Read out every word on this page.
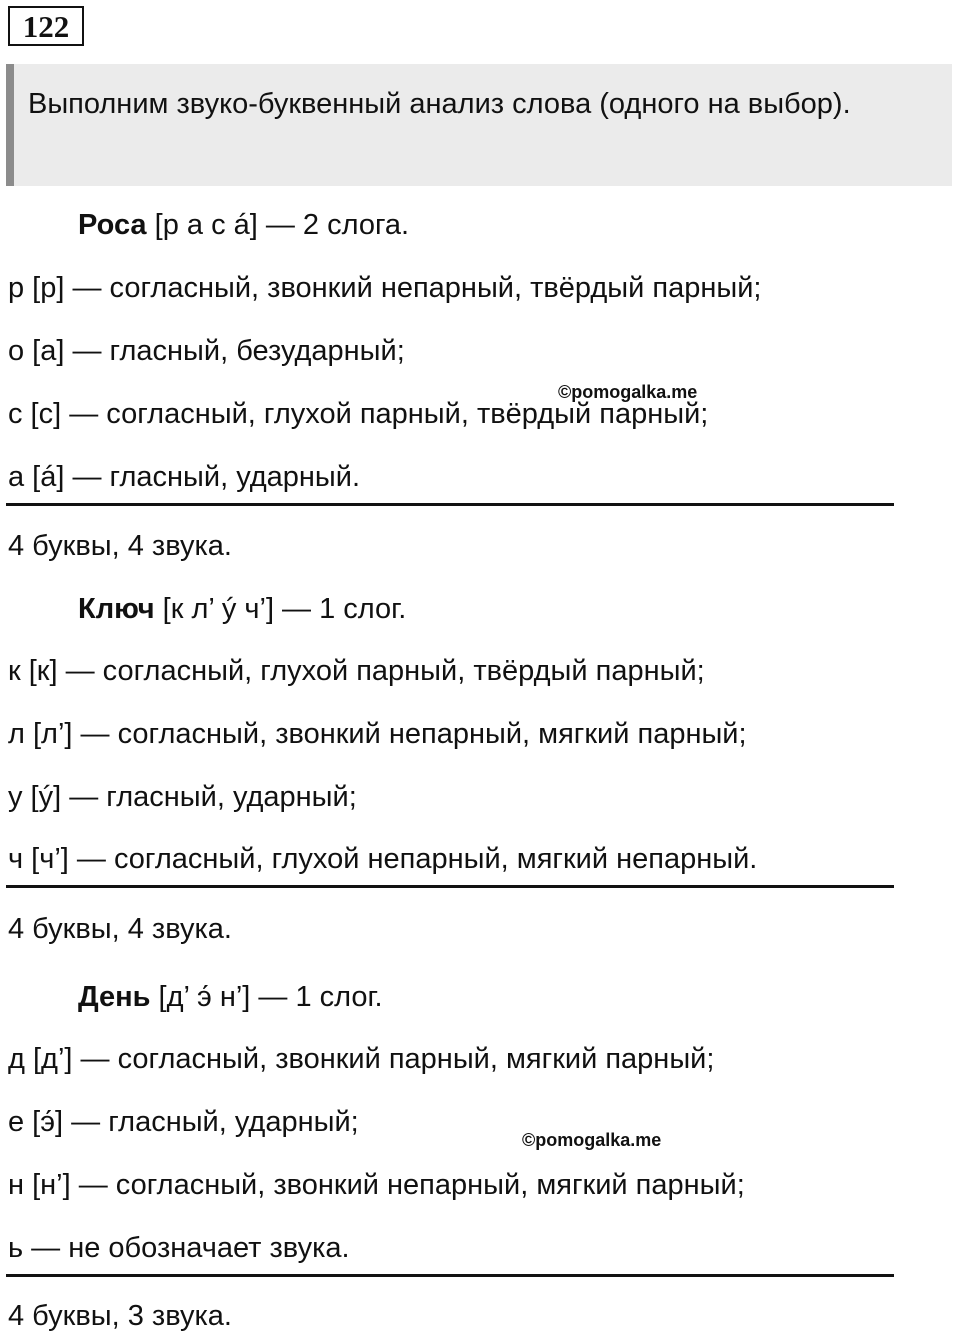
122
Выполним звуко-буквенный анализ слова (одного на выбор).
Роса [р а с á] — 2 слога.
р [р] — согласный, звонкий непарный, твёрдый парный;
о [а] — гласный, безударный;
с [с] — согласный, глухой парный, твёрдый парный;
а [á] — гласный, ударный.
4 буквы, 4 звука.
©pomogalka.me
Ключ [к л’ ý ч’] — 1 слог.
к [к] — согласный, глухой парный, твёрдый парный;
л [л’] — согласный, звонкий непарный, мягкий парный;
у [ý] — гласный, ударный;
ч [ч’] — согласный, глухой непарный, мягкий непарный.
4 буквы, 4 звука.
День [д’ э́ н’] — 1 слог.
д [д’] — согласный, звонкий парный, мягкий парный;
е [э́] — гласный, ударный;
н [н’] — согласный, звонкий непарный, мягкий парный;
ь — не обозначает звука.
4 буквы, 3 звука.
©pomogalka.me
